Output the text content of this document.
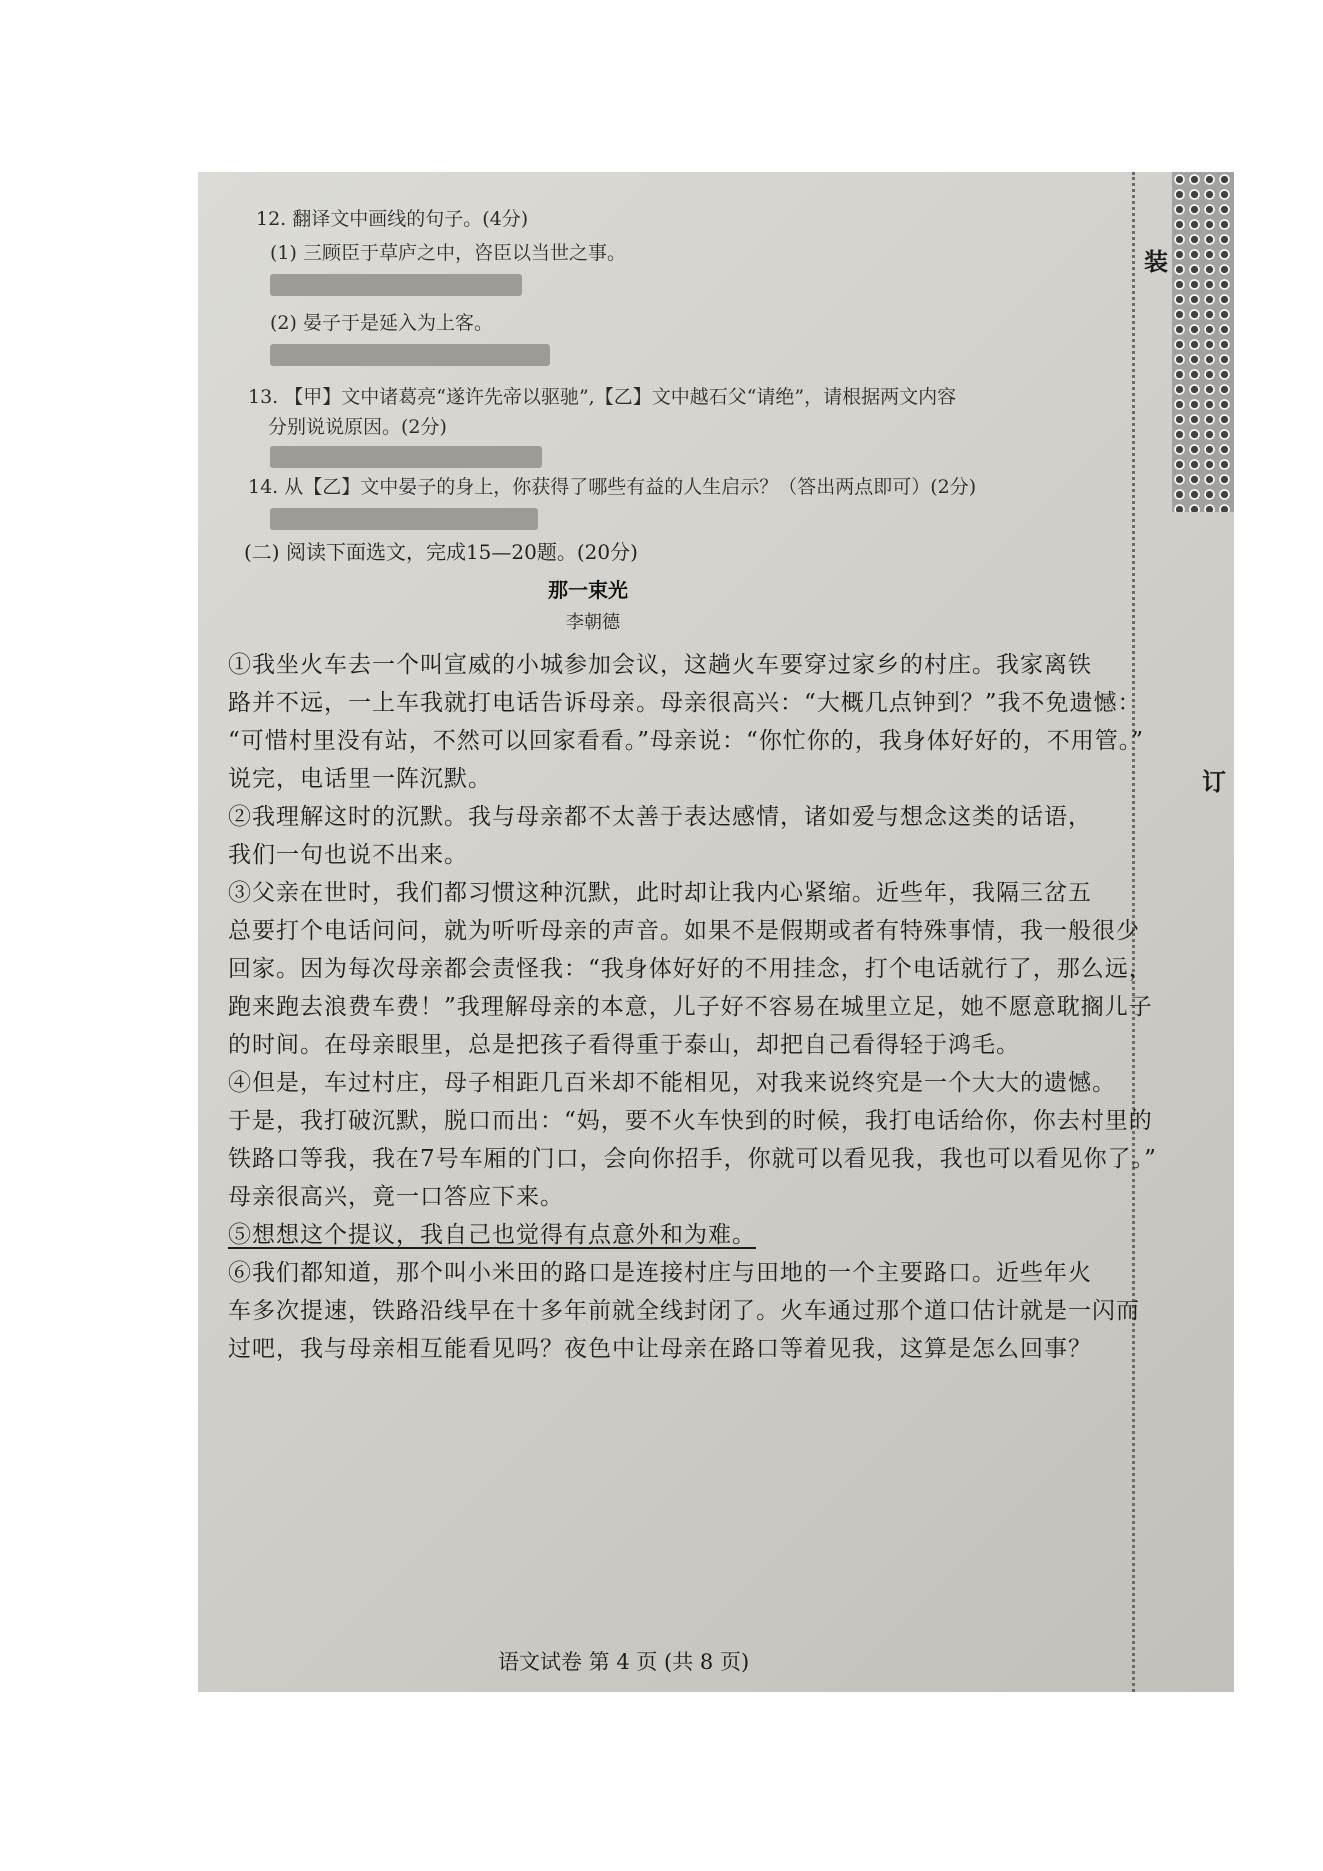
装
订
12. 翻译文中画线的句子。(4分)
(1) 三顾臣于草庐之中，咨臣以当世之事。
(2) 晏子于是延入为上客。
13. 【甲】文中诸葛亮“遂许先帝以驱驰”,【乙】文中越石父“请绝”，请根据两文内容
分别说说原因。(2分)
14. 从【乙】文中晏子的身上，你获得了哪些有益的人生启示？（答出两点即可）(2分)
(二) 阅读下面选文，完成15—20题。(20分)
那一束光
李朝德
①我坐火车去一个叫宣威的小城参加会议，这趟火车要穿过家乡的村庄。我家离铁
路并不远，一上车我就打电话告诉母亲。母亲很高兴：“大概几点钟到？”我不免遗憾：
“可惜村里没有站，不然可以回家看看。”母亲说：“你忙你的，我身体好好的，不用管。”
说完，电话里一阵沉默。
②我理解这时的沉默。我与母亲都不太善于表达感情，诸如爱与想念这类的话语，
我们一句也说不出来。
③父亲在世时，我们都习惯这种沉默，此时却让我内心紧缩。近些年，我隔三岔五
总要打个电话问问，就为听听母亲的声音。如果不是假期或者有特殊事情，我一般很少
回家。因为每次母亲都会责怪我：“我身体好好的不用挂念，打个电话就行了，那么远，
跑来跑去浪费车费！”我理解母亲的本意，儿子好不容易在城里立足，她不愿意耽搁儿子
的时间。在母亲眼里，总是把孩子看得重于泰山，却把自己看得轻于鸿毛。
④但是，车过村庄，母子相距几百米却不能相见，对我来说终究是一个大大的遗憾。
于是，我打破沉默，脱口而出：“妈，要不火车快到的时候，我打电话给你，你去村里的
铁路口等我，我在7号车厢的门口，会向你招手，你就可以看见我，我也可以看见你了。”
母亲很高兴，竟一口答应下来。
⑤想想这个提议，我自己也觉得有点意外和为难。
⑥我们都知道，那个叫小米田的路口是连接村庄与田地的一个主要路口。近些年火
车多次提速，铁路沿线早在十多年前就全线封闭了。火车通过那个道口估计就是一闪而
过吧，我与母亲相互能看见吗？夜色中让母亲在路口等着见我，这算是怎么回事？
语文试卷 第 4 页 (共 8 页)
